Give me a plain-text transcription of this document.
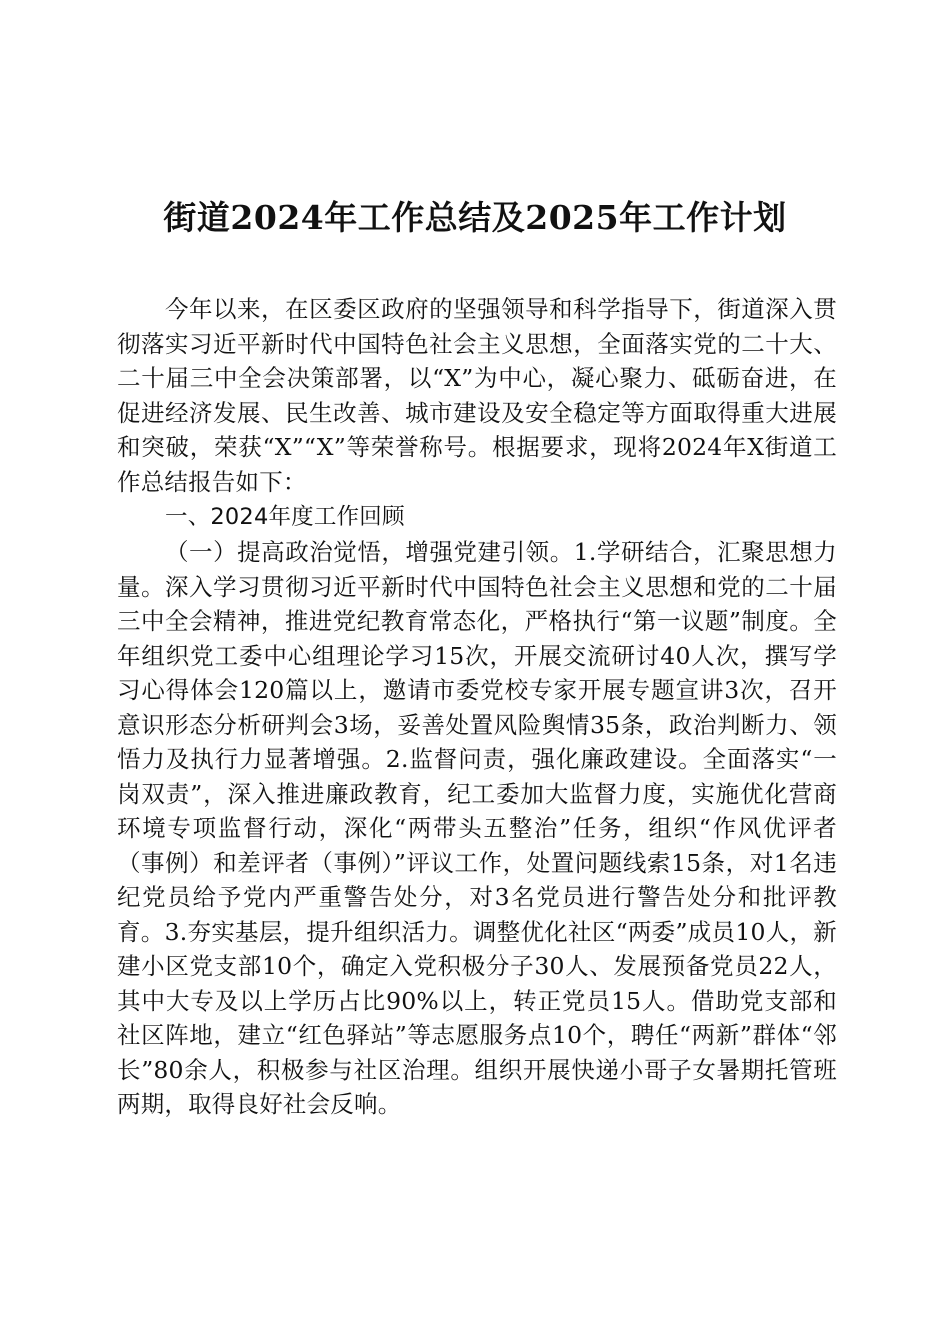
街道2024年工作总结及2025年工作计划

今年以来，在区委区政府的坚强领导和科学指导下，街道深入贯彻落实习近平新时代中国特色社会主义思想，全面落实党的二十大、二十届三中全会决策部署，以“X”为中心，凝心聚力、砥砺奋进，在促进经济发展、民生改善、城市建设及安全稳定等方面取得重大进展和突破，荣获“X”“X”等荣誉称号。根据要求，现将2024年X街道工作总结报告如下：

一、2024年度工作回顾

（一）提高政治觉悟，增强党建引领。1.学研结合，汇聚思想力量。深入学习贯彻习近平新时代中国特色社会主义思想和党的二十届三中全会精神，推进党纪教育常态化，严格执行“第一议题”制度。全年组织党工委中心组理论学习15次，开展交流研讨40人次，撰写学习心得体会120篇以上，邀请市委党校专家开展专题宣讲3次，召开意识形态分析研判会3场，妥善处置风险舆情35条，政治判断力、领悟力及执行力显著增强。2.监督问责，强化廉政建设。全面落实“一岗双责”，深入推进廉政教育，纪工委加大监督力度，实施优化营商环境专项监督行动，深化“两带头五整治”任务，组织“作风优评者（事例）和差评者（事例）”评议工作，处置问题线索15条，对1名违纪党员给予党内严重警告处分，对3名党员进行警告处分和批评教育。3.夯实基层，提升组织活力。调整优化社区“两委”成员10人，新建小区党支部10个，确定入党积极分子30人、发展预备党员22人，其中大专及以上学历占比90%以上，转正党员15人。借助党支部和社区阵地，建立“红色驿站”等志愿服务点10个，聘任“两新”群体“邻长”80余人，积极参与社区治理。组织开展快递小哥子女暑期托管班两期，取得良好社会反响。
